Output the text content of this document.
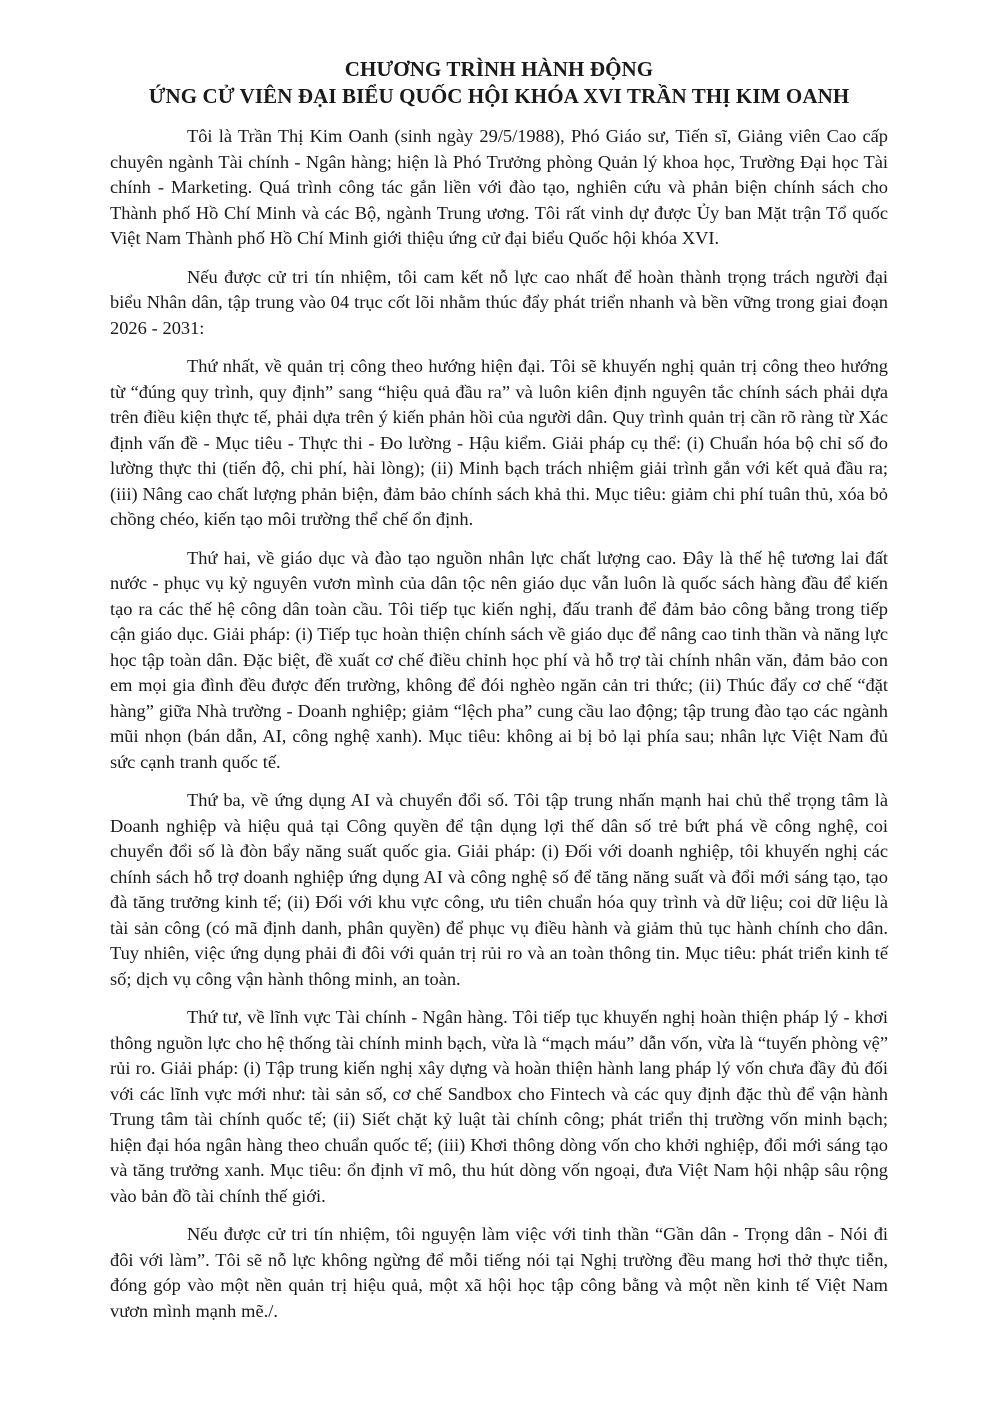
CHƯƠNG TRÌNH HÀNH ĐỘNG

ỨNG CỬ VIÊN ĐẠI BIỂU QUỐC HỘI KHÓA XVI TRẦN THỊ KIM OANH

Tôi là Trần Thị Kim Oanh (sinh ngày 29/5/1988), Phó Giáo sư, Tiến sĩ, Giảng viên Cao cấp chuyên ngành Tài chính - Ngân hàng; hiện là Phó Trưởng phòng Quản lý khoa học, Trường Đại học Tài chính - Marketing. Quá trình công tác gắn liền với đào tạo, nghiên cứu và phản biện chính sách cho Thành phố Hồ Chí Minh và các Bộ, ngành Trung ương. Tôi rất vinh dự được Ủy ban Mặt trận Tổ quốc Việt Nam Thành phố Hồ Chí Minh giới thiệu ứng cử đại biểu Quốc hội khóa XVI.

Nếu được cử tri tín nhiệm, tôi cam kết nỗ lực cao nhất để hoàn thành trọng trách người đại biểu Nhân dân, tập trung vào 04 trục cốt lõi nhằm thúc đẩy phát triển nhanh và bền vững trong giai đoạn 2026 - 2031:

Thứ nhất, về quản trị công theo hướng hiện đại. Tôi sẽ khuyến nghị quản trị công theo hướng từ “đúng quy trình, quy định” sang “hiệu quả đầu ra” và luôn kiên định nguyên tắc chính sách phải dựa trên điều kiện thực tế, phải dựa trên ý kiến phản hồi của người dân. Quy trình quản trị cần rõ ràng từ Xác định vấn đề - Mục tiêu - Thực thi - Đo lường - Hậu kiểm. Giải pháp cụ thể: (i) Chuẩn hóa bộ chỉ số đo lường thực thi (tiến độ, chi phí, hài lòng); (ii) Minh bạch trách nhiệm giải trình gắn với kết quả đầu ra; (iii) Nâng cao chất lượng phản biện, đảm bảo chính sách khả thi. Mục tiêu: giảm chi phí tuân thủ, xóa bỏ chồng chéo, kiến tạo môi trường thể chế ổn định.

Thứ hai, về giáo dục và đào tạo nguồn nhân lực chất lượng cao. Đây là thế hệ tương lai đất nước - phục vụ kỷ nguyên vươn mình của dân tộc nên giáo dục vẫn luôn là quốc sách hàng đầu để kiến tạo ra các thế hệ công dân toàn cầu. Tôi tiếp tục kiến nghị, đấu tranh để đảm bảo công bằng trong tiếp cận giáo dục. Giải pháp: (i) Tiếp tục hoàn thiện chính sách về giáo dục để nâng cao tinh thần và năng lực học tập toàn dân. Đặc biệt, đề xuất cơ chế điều chỉnh học phí và hỗ trợ tài chính nhân văn, đảm bảo con em mọi gia đình đều được đến trường, không để đói nghèo ngăn cản tri thức; (ii) Thúc đẩy cơ chế “đặt hàng” giữa Nhà trường - Doanh nghiệp; giảm “lệch pha” cung cầu lao động; tập trung đào tạo các ngành mũi nhọn (bán dẫn, AI, công nghệ xanh). Mục tiêu: không ai bị bỏ lại phía sau; nhân lực Việt Nam đủ sức cạnh tranh quốc tế.

Thứ ba, về ứng dụng AI và chuyển đổi số. Tôi tập trung nhấn mạnh hai chủ thể trọng tâm là Doanh nghiệp và hiệu quả tại Công quyền để tận dụng lợi thế dân số trẻ bứt phá về công nghệ, coi chuyển đổi số là đòn bẩy năng suất quốc gia. Giải pháp: (i) Đối với doanh nghiệp, tôi khuyến nghị các chính sách hỗ trợ doanh nghiệp ứng dụng AI và công nghệ số để tăng năng suất và đổi mới sáng tạo, tạo đà tăng trưởng kinh tế; (ii) Đối với khu vực công, ưu tiên chuẩn hóa quy trình và dữ liệu; coi dữ liệu là tài sản công (có mã định danh, phân quyền) để phục vụ điều hành và giảm thủ tục hành chính cho dân. Tuy nhiên, việc ứng dụng phải đi đôi với quản trị rủi ro và an toàn thông tin. Mục tiêu: phát triển kinh tế số; dịch vụ công vận hành thông minh, an toàn.

Thứ tư, về lĩnh vực Tài chính - Ngân hàng. Tôi tiếp tục khuyến nghị hoàn thiện pháp lý - khơi thông nguồn lực cho hệ thống tài chính minh bạch, vừa là “mạch máu” dẫn vốn, vừa là “tuyến phòng vệ” rủi ro. Giải pháp: (i) Tập trung kiến nghị xây dựng và hoàn thiện hành lang pháp lý vốn chưa đầy đủ đối với các lĩnh vực mới như: tài sản số, cơ chế Sandbox cho Fintech và các quy định đặc thù để vận hành Trung tâm tài chính quốc tế; (ii) Siết chặt kỷ luật tài chính công; phát triển thị trường vốn minh bạch; hiện đại hóa ngân hàng theo chuẩn quốc tế; (iii) Khơi thông dòng vốn cho khởi nghiệp, đổi mới sáng tạo và tăng trưởng xanh. Mục tiêu: ổn định vĩ mô, thu hút dòng vốn ngoại, đưa Việt Nam hội nhập sâu rộng vào bản đồ tài chính thế giới.

Nếu được cử tri tín nhiệm, tôi nguyện làm việc với tinh thần “Gần dân - Trọng dân - Nói đi đôi với làm”. Tôi sẽ nỗ lực không ngừng để mỗi tiếng nói tại Nghị trường đều mang hơi thở thực tiễn, đóng góp vào một nền quản trị hiệu quả, một xã hội học tập công bằng và một nền kinh tế Việt Nam vươn mình mạnh mẽ./.
